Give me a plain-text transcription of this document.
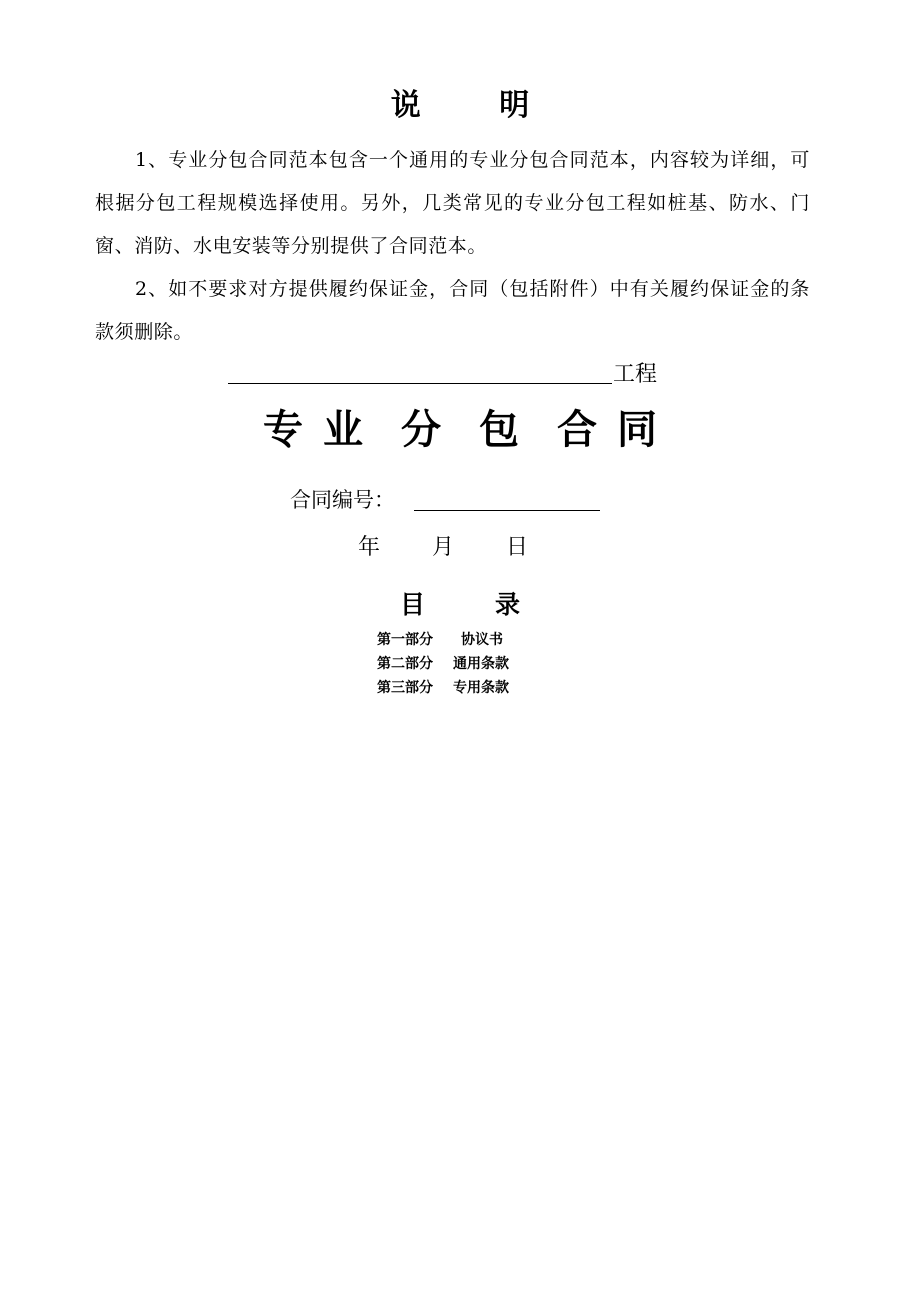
说 明
1、专业分包合同范本包含一个通用的专业分包合同范本，内容较为详细，可根据分包工程规模选择使用。另外，几类常见的专业分包工程如桩基、防水、门窗、消防、水电安装等分别提供了合同范本。
2、如不要求对方提供履约保证金，合同（包括附件）中有关履约保证金的条款须删除。
工程
专 业 分 包 合 同
合同编号：
年 月 日
目	录
第一部分 协议书
第二部分 通用条款
第三部分 专用条款
